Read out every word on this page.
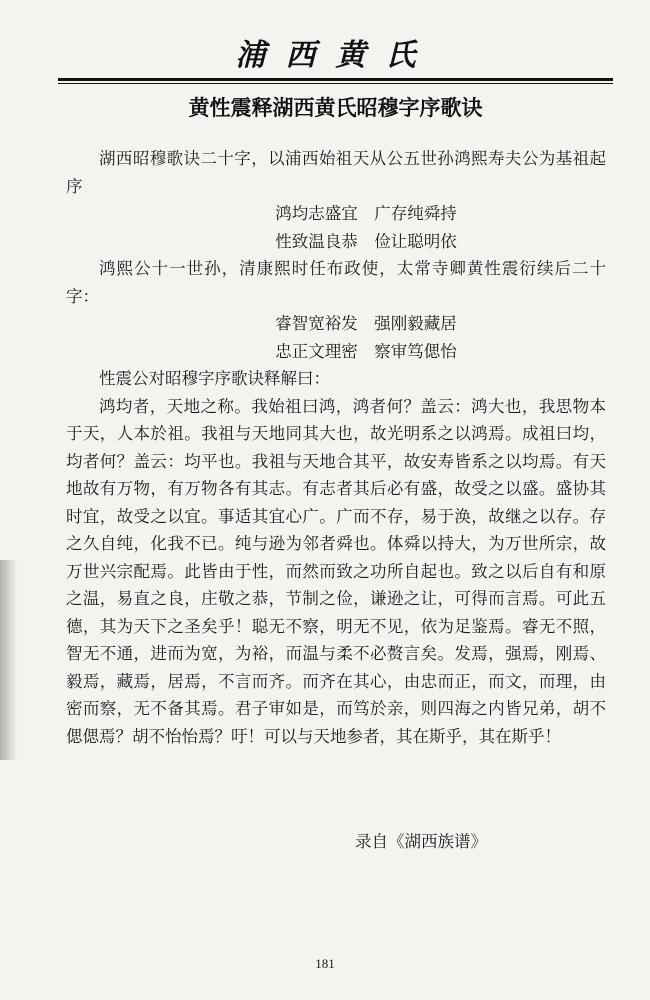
浦西黄氏
黄性震释湖西黄氏昭穆字序歌诀

湖西昭穆歌诀二十字，以浦西始祖天从公五世孙鸿熙寿夫公为基祖起序

鸿均志盛宜　广存纯舜持

性致温良恭　俭让聪明依

鸿熙公十一世孙，清康熙时任布政使，太常寺卿黄性震衍续后二十字：

睿智宽裕发　强刚毅藏居

忠正文理密　察审笃偲怡

性震公对昭穆字序歌诀释解曰：

鸿均者，天地之称。我始祖曰鸿，鸿者何？盖云：鸿大也，我思物本于天，人本於祖。我祖与天地同其大也，故光明系之以鸿焉。成祖曰均，均者何？盖云：均平也。我祖与天地合其平，故安寿皆系之以均焉。有天地故有万物，有万物各有其志。有志者其后必有盛，故受之以盛。盛协其时宜，故受之以宜。事适其宜心广。广而不存，易于涣，故继之以存。存之久自纯，化我不已。纯与逊为邻者舜也。体舜以持大，为万世所宗，故万世兴宗配焉。此皆由于性，而然而致之功所自起也。致之以后自有和原之温，易直之良，庄敬之恭，节制之俭，谦逊之让，可得而言焉。可此五德，其为天下之圣矣乎！聪无不察，明无不见，依为足鉴焉。睿无不照，智无不通，进而为宽，为裕，而温与柔不必赘言矣。发焉，强焉，刚焉、毅焉，藏焉，居焉，不言而齐。而齐在其心，由忠而正，而文，而理，由密而察，无不备其焉。君子审如是，而笃於亲，则四海之内皆兄弟，胡不偲偲焉？胡不怡怡焉？吁！可以与天地参者，其在斯乎，其在斯乎！

录自《湖西族谱》
181
